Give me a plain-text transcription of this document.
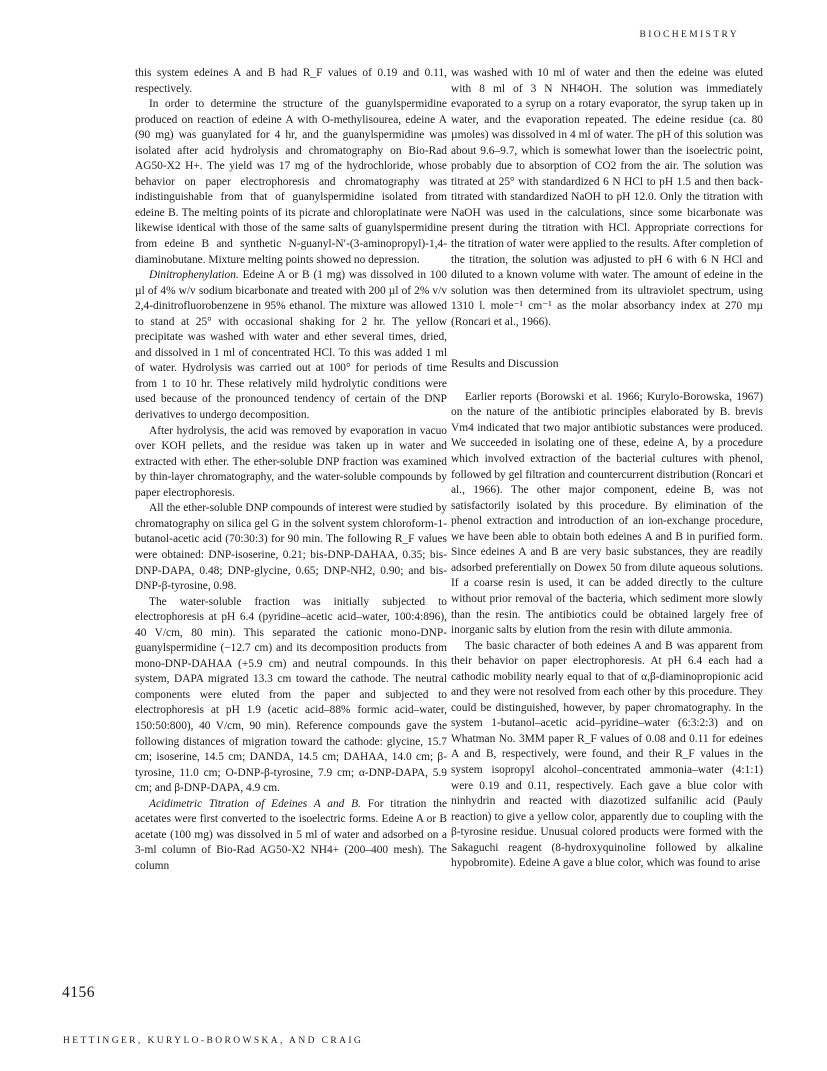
BIOCHEMISTRY

this system edeines A and B had R_F values of 0.19 and 0.11, respectively.

In order to determine the structure of the guanylspermidine produced on reaction of edeine A with O-methylisourea, edeine A (90 mg) was guanylated for 4 hr, and the guanylspermidine was isolated after acid hydrolysis and chromatography on Bio-Rad AG50-X2 H+. The yield was 17 mg of the hydrochloride, whose behavior on paper electrophoresis and chromatography was indistinguishable from that of guanylspermidine isolated from edeine B. The melting points of its picrate and chloroplatinate were likewise identical with those of the same salts of guanylspermidine from edeine B and synthetic N-guanyl-N′-(3-aminopropyl)-1,4-diaminobutane. Mixture melting points showed no depression.

Dinitrophenylation. Edeine A or B (1 mg) was dissolved in 100 µl of 4% w/v sodium bicarbonate and treated with 200 µl of 2% v/v 2,4-dinitrofluorobenzene in 95% ethanol. The mixture was allowed to stand at 25° with occasional shaking for 2 hr. The yellow precipitate was washed with water and ether several times, dried, and dissolved in 1 ml of concentrated HCl. To this was added 1 ml of water. Hydrolysis was carried out at 100° for periods of time from 1 to 10 hr. These relatively mild hydrolytic conditions were used because of the pronounced tendency of certain of the DNP derivatives to undergo decomposition.

After hydrolysis, the acid was removed by evaporation in vacuo over KOH pellets, and the residue was taken up in water and extracted with ether. The ether-soluble DNP fraction was examined by thin-layer chromatography, and the water-soluble compounds by paper electrophoresis.

All the ether-soluble DNP compounds of interest were studied by chromatography on silica gel G in the solvent system chloroform-1-butanol-acetic acid (70:30:3) for 90 min. The following R_F values were obtained: DNP-isoserine, 0.21; bis-DNP-DAHAA, 0.35; bis-DNP-DAPA, 0.48; DNP-glycine, 0.65; DNP-NH2, 0.90; and bis-DNP-β-tyrosine, 0.98.

The water-soluble fraction was initially subjected to electrophoresis at pH 6.4 (pyridine–acetic acid–water, 100:4:896), 40 V/cm, 80 min). This separated the cationic mono-DNP-guanylspermidine (−12.7 cm) and its decomposition products from mono-DNP-DAHAA (+5.9 cm) and neutral compounds. In this system, DAPA migrated 13.3 cm toward the cathode. The neutral components were eluted from the paper and subjected to electrophoresis at pH 1.9 (acetic acid–88% formic acid–water, 150:50:800), 40 V/cm, 90 min). Reference compounds gave the following distances of migration toward the cathode: glycine, 15.7 cm; isoserine, 14.5 cm; DANDA, 14.5 cm; DAHAA, 14.0 cm; β-tyrosine, 11.0 cm; O-DNP-β-tyrosine, 7.9 cm; α-DNP-DAPA, 5.9 cm; and β-DNP-DAPA, 4.9 cm.

Acidimetric Titration of Edeines A and B. For titration the acetates were first converted to the isoelectric forms. Edeine A or B acetate (100 mg) was dissolved in 5 ml of water and adsorbed on a 3-ml column of Bio-Rad AG50-X2 NH4+ (200–400 mesh). The column

was washed with 10 ml of water and then the edeine was eluted with 8 ml of 3 N NH4OH. The solution was immediately evaporated to a syrup on a rotary evaporator, the syrup taken up in water, and the evaporation repeated. The edeine residue (ca. 80 µmoles) was dissolved in 4 ml of water. The pH of this solution was about 9.6–9.7, which is somewhat lower than the isoelectric point, probably due to absorption of CO2 from the air. The solution was titrated at 25° with standardized 6 N HCl to pH 1.5 and then back-titrated with standardized NaOH to pH 12.0. Only the titration with NaOH was used in the calculations, since some bicarbonate was present during the titration with HCl. Appropriate corrections for the titration of water were applied to the results. After completion of the titration, the solution was adjusted to pH 6 with 6 N HCl and diluted to a known volume with water. The amount of edeine in the solution was then determined from its ultraviolet spectrum, using 1310 l. mole⁻¹ cm⁻¹ as the molar absorbancy index at 270 mµ (Roncari et al., 1966).

Results and Discussion

Earlier reports (Borowski et al. 1966; Kurylo-Borowska, 1967) on the nature of the antibiotic principles elaborated by B. brevis Vm4 indicated that two major antibiotic substances were produced. We succeeded in isolating one of these, edeine A, by a procedure which involved extraction of the bacterial cultures with phenol, followed by gel filtration and countercurrent distribution (Roncari et al., 1966). The other major component, edeine B, was not satisfactorily isolated by this procedure. By elimination of the phenol extraction and introduction of an ion-exchange procedure, we have been able to obtain both edeines A and B in purified form. Since edeines A and B are very basic substances, they are readily adsorbed preferentially on Dowex 50 from dilute aqueous solutions. If a coarse resin is used, it can be added directly to the culture without prior removal of the bacteria, which sediment more slowly than the resin. The antibiotics could be obtained largely free of inorganic salts by elution from the resin with dilute ammonia.

The basic character of both edeines A and B was apparent from their behavior on paper electrophoresis. At pH 6.4 each had a cathodic mobility nearly equal to that of α,β-diaminopropionic acid and they were not resolved from each other by this procedure. They could be distinguished, however, by paper chromatography. In the system 1-butanol–acetic acid–pyridine–water (6:3:2:3) and on Whatman No. 3MM paper R_F values of 0.08 and 0.11 for edeines A and B, respectively, were found, and their R_F values in the system isopropyl alcohol–concentrated ammonia–water (4:1:1) were 0.19 and 0.11, respectively. Each gave a blue color with ninhydrin and reacted with diazotized sulfanilic acid (Pauly reaction) to give a yellow color, apparently due to coupling with the β-tyrosine residue. Unusual colored products were formed with the Sakaguchi reagent (8-hydroxyquinoline followed by alkaline hypobromite). Edeine A gave a blue color, which was found to arise

4156
HETTINGER, KURYLO-BOROWSKA, AND CRAIG
